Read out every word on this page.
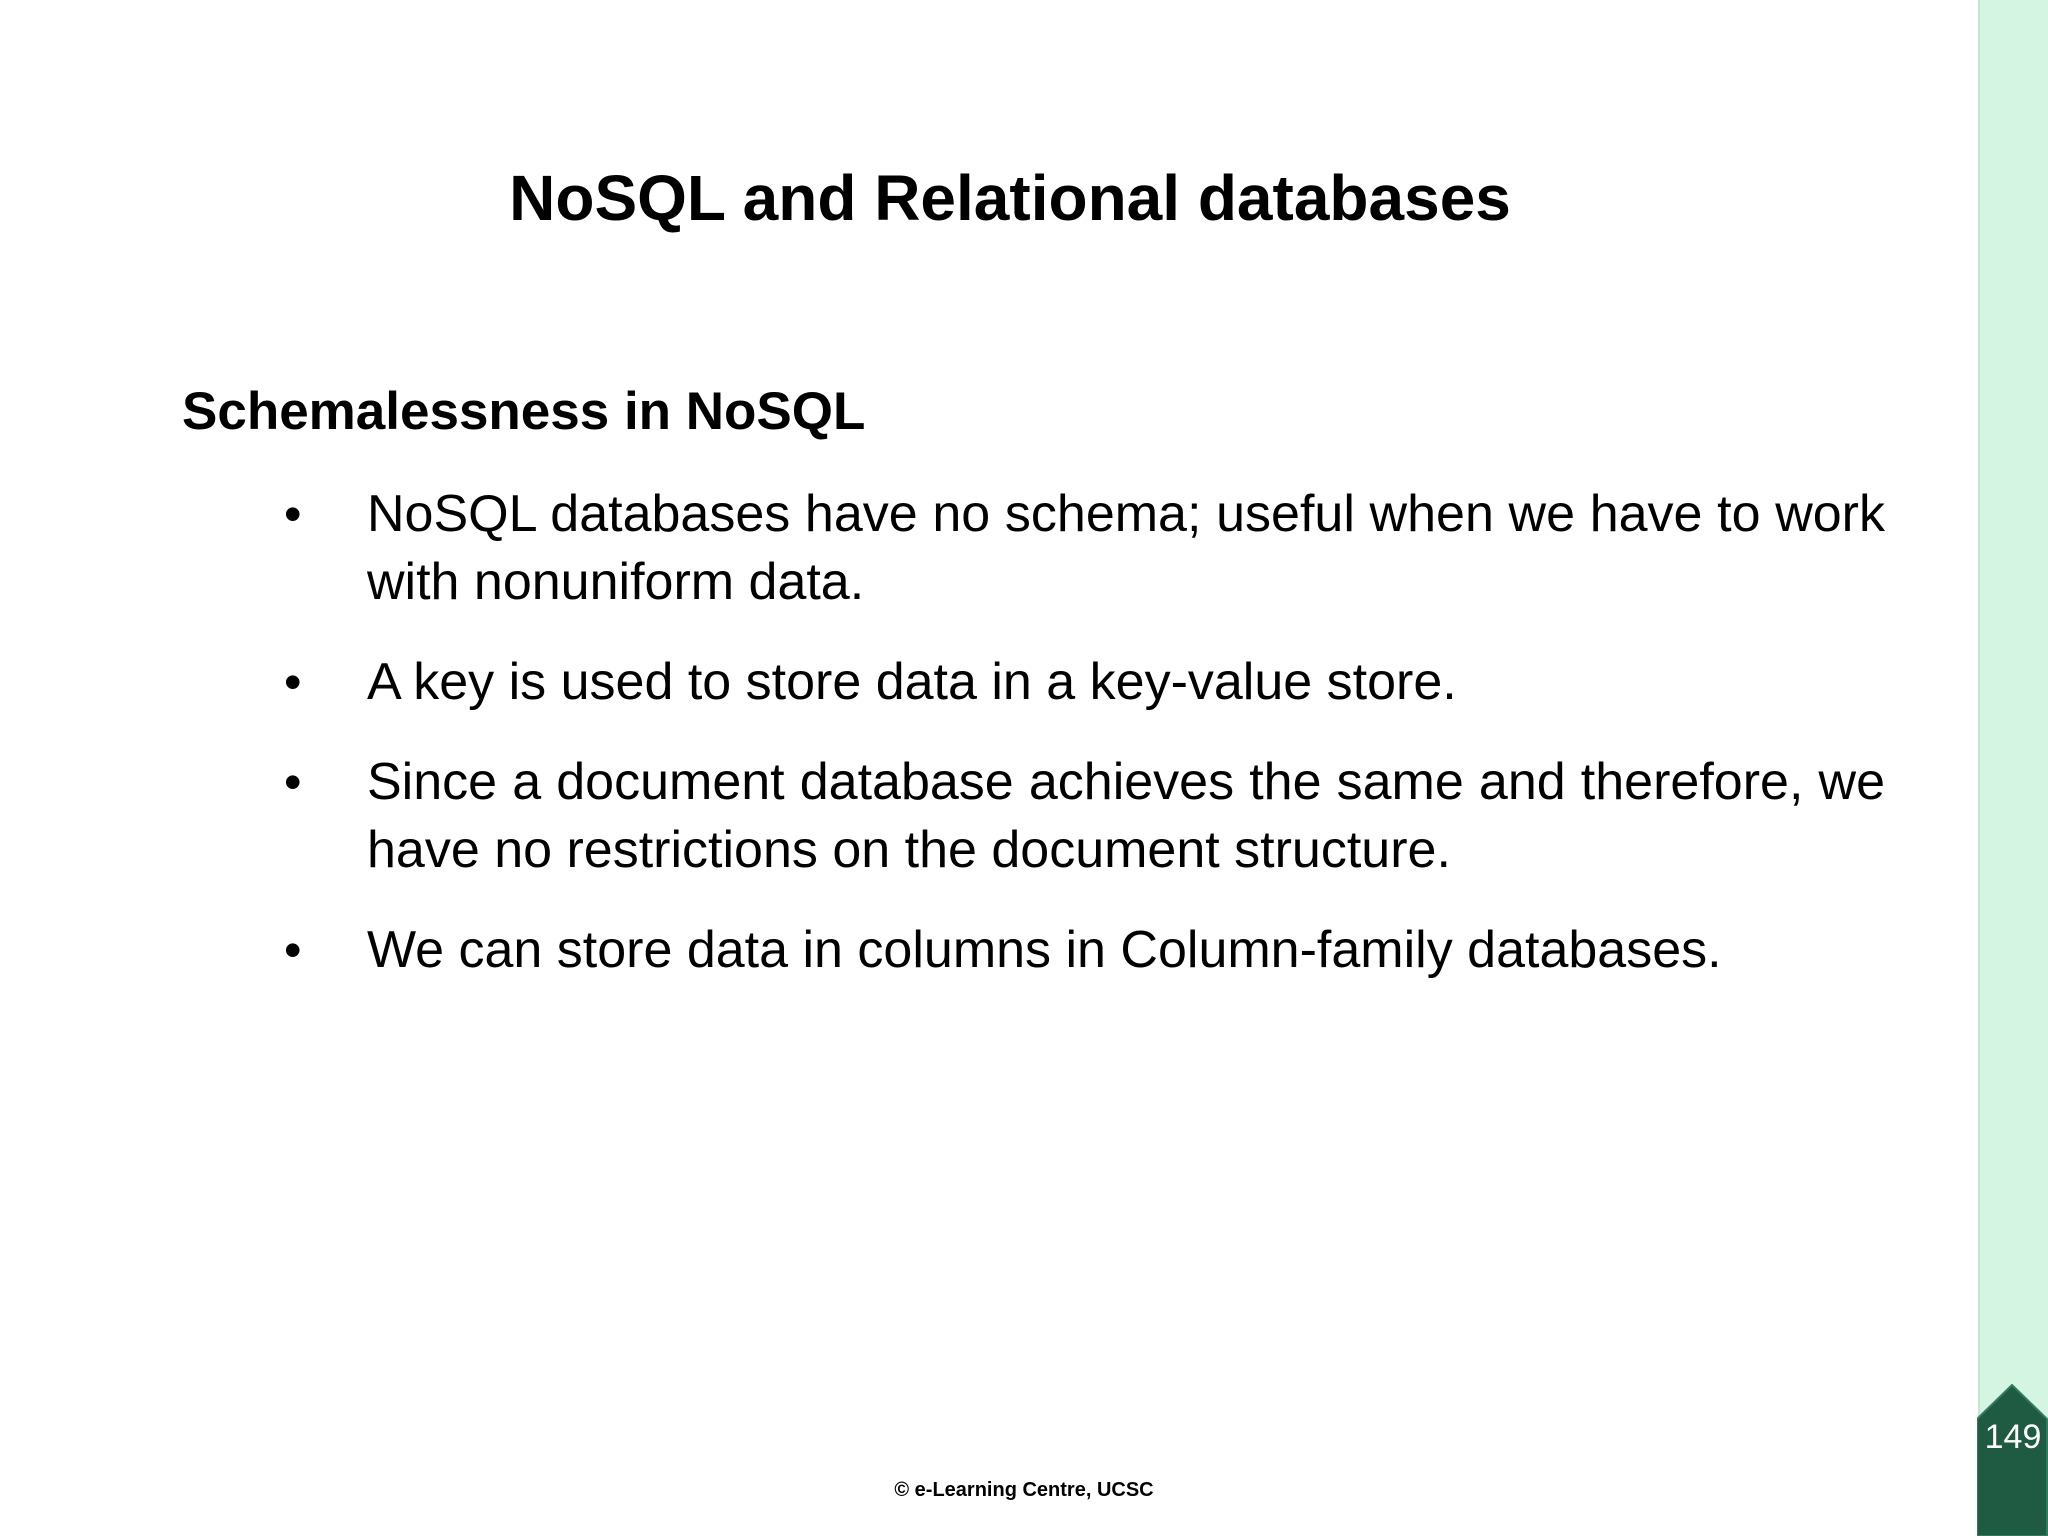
NoSQL and Relational databases
Schemalessness in NoSQL
• NoSQL databases have no schema; useful when we have to work with nonuniform data.
• A key is used to store data in a key-value store.
• Since a document database achieves the same and therefore, we have no restrictions on the document structure.
• We can store data in columns in Column-family databases.
© e-Learning Centre, UCSC
149
